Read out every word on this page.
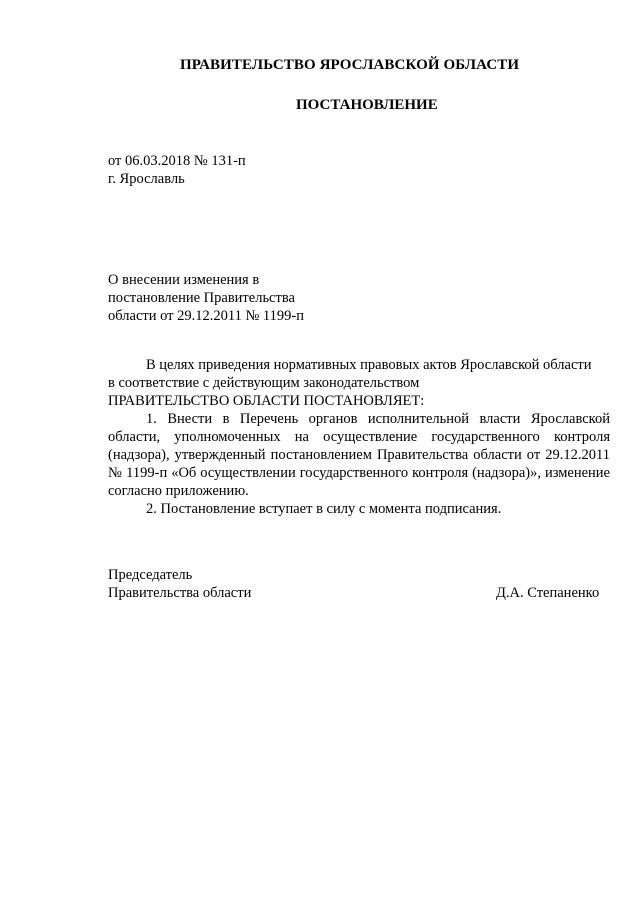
ПРАВИТЕЛЬСТВО ЯРОСЛАВСКОЙ ОБЛАСТИ
ПОСТАНОВЛЕНИЕ
от 06.03.2018 № 131-п
г. Ярославль
О внесении изменения в
постановление Правительства
области от 29.12.2011 № 1199-п
В целях приведения нормативных правовых актов Ярославской области
в соответствие с действующим законодательством
ПРАВИТЕЛЬСТВО ОБЛАСТИ ПОСТАНОВЛЯЕТ:
1. Внести в Перечень органов исполнительной власти Ярославской области, уполномоченных на осуществление государственного контроля (надзора), утвержденный постановлением Правительства области от 29.12.2011 № 1199-п «Об осуществлении государственного контроля (надзора)», изменение согласно приложению.
2. Постановление вступает в силу с момента подписания.
Председатель
Правительства области	Д.А. Степаненко
